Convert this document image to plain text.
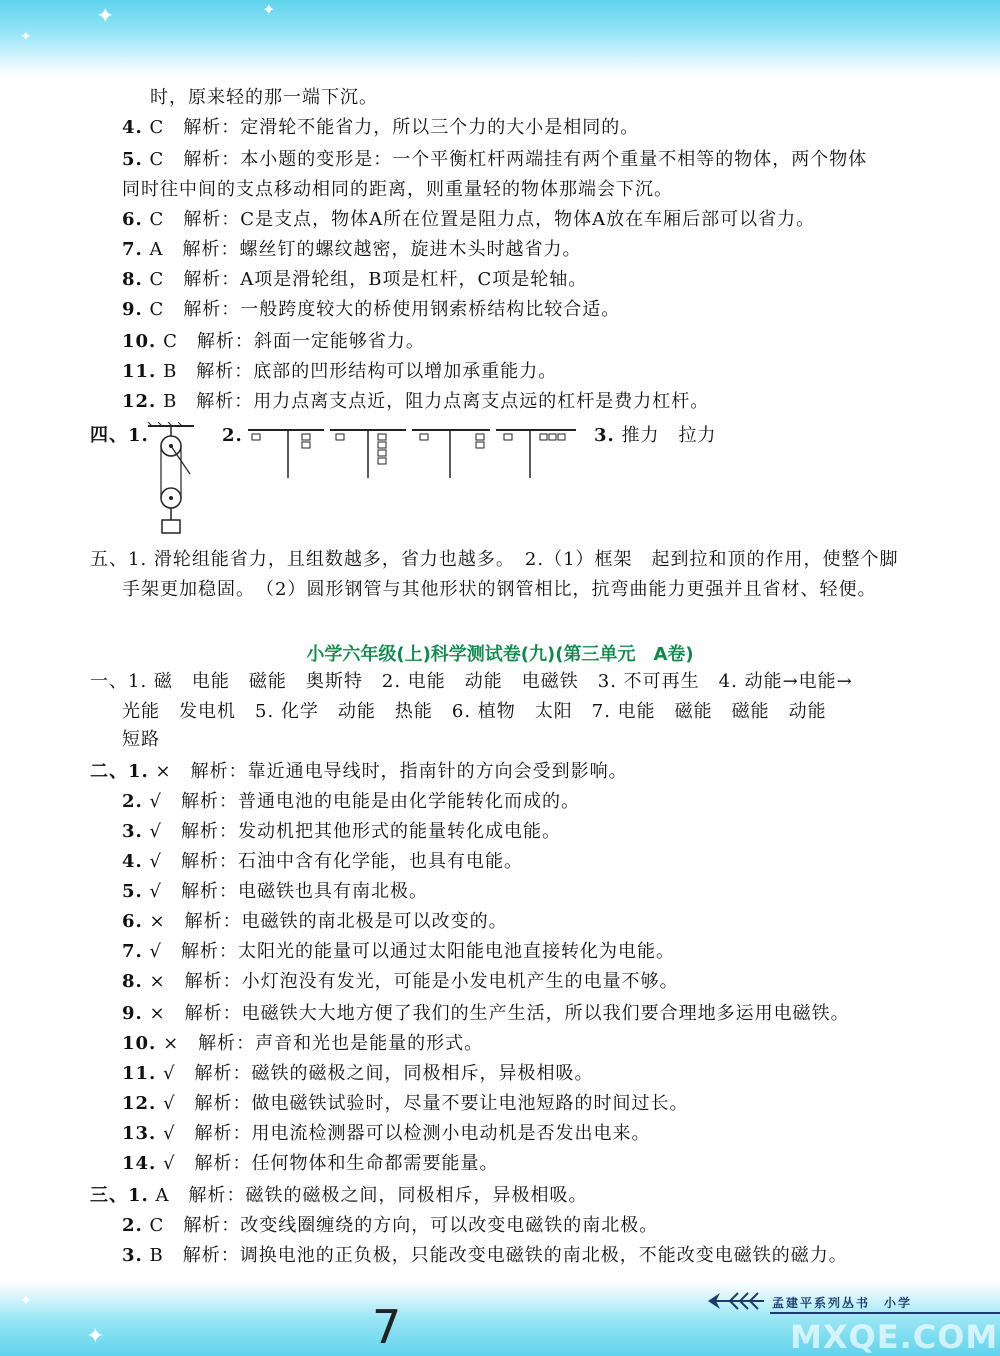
✦	✦
✦
✦
✦
时，原来轻的那一端下沉。
4. C　 解析：定滑轮不能省力，所以三个力的大小是相同的。
5. C　 解析：本小题的变形是：一个平衡杠杆两端挂有两个重量不相等的物体，两个物体
同时往中间的支点移动相同的距离，则重量轻的物体那端会下沉。
6. C　 解析：C是支点，物体A所在位置是阻力点，物体A放在车厢后部可以省力。
7. A　 解析：螺丝钉的螺纹越密，旋进木头时越省力。
8. C　 解析：A项是滑轮组，B项是杠杆，C项是轮轴。
9. C　 解析：一般跨度较大的桥使用钢索桥结构比较合适。
10. C　 解析：斜面一定能够省力。
11. B　 解析：底部的凹形结构可以增加承重能力。
12. B　 解析：用力点离支点近，阻力点离支点远的杠杆是费力杠杆。
四、1.	2.	3. 推力　拉力
五、1. 滑轮组能省力，且组数越多，省力也越多。　2.（1）框架　起到拉和顶的作用，使整个脚
手架更加稳固。　（2）圆形钢管与其他形状的钢管相比，抗弯曲能力更强并且省材、轻便。
小学六年级(上)科学测试卷(九)(第三单元　A卷)
一、1. 磁　电能　磁能　奥斯特　2. 电能　动能　电磁铁　3. 不可再生　4. 动能→电能→
光能　发电机　5. 化学　动能　热能　6. 植物　太阳　7. 电能　磁能　磁能　动能
短路
二、1. ×　 解析：靠近通电导线时，指南针的方向会受到影响。
2. √　 解析：普通电池的电能是由化学能转化而成的。
3. √　 解析：发动机把其他形式的能量转化成电能。
4. √　 解析：石油中含有化学能，也具有电能。
5. √　 解析：电磁铁也具有南北极。
6. ×　 解析：电磁铁的南北极是可以改变的。
7. √　 解析：太阳光的能量可以通过太阳能电池直接转化为电能。
8. ×　 解析：小灯泡没有发光，可能是小发电机产生的电量不够。
9. ×　 解析：电磁铁大大地方便了我们的生产生活，所以我们要合理地多运用电磁铁。
10. ×　 解析：声音和光也是能量的形式。
11. √　 解析：磁铁的磁极之间，同极相斥，异极相吸。
12. √　 解析：做电磁铁试验时，尽量不要让电池短路的时间过长。
13. √　 解析：用电流检测器可以检测小电动机是否发出电来。
14. √　 解析：任何物体和生命都需要能量。
三、1. A　 解析：磁铁的磁极之间，同极相斥，异极相吸。
2. C　 解析：改变线圈缠绕的方向，可以改变电磁铁的南北极。
3. B　 解析：调换电池的正负极，只能改变电磁铁的南北极，不能改变电磁铁的磁力。
孟建平系列丛书　小学
7	MXQE.COM
